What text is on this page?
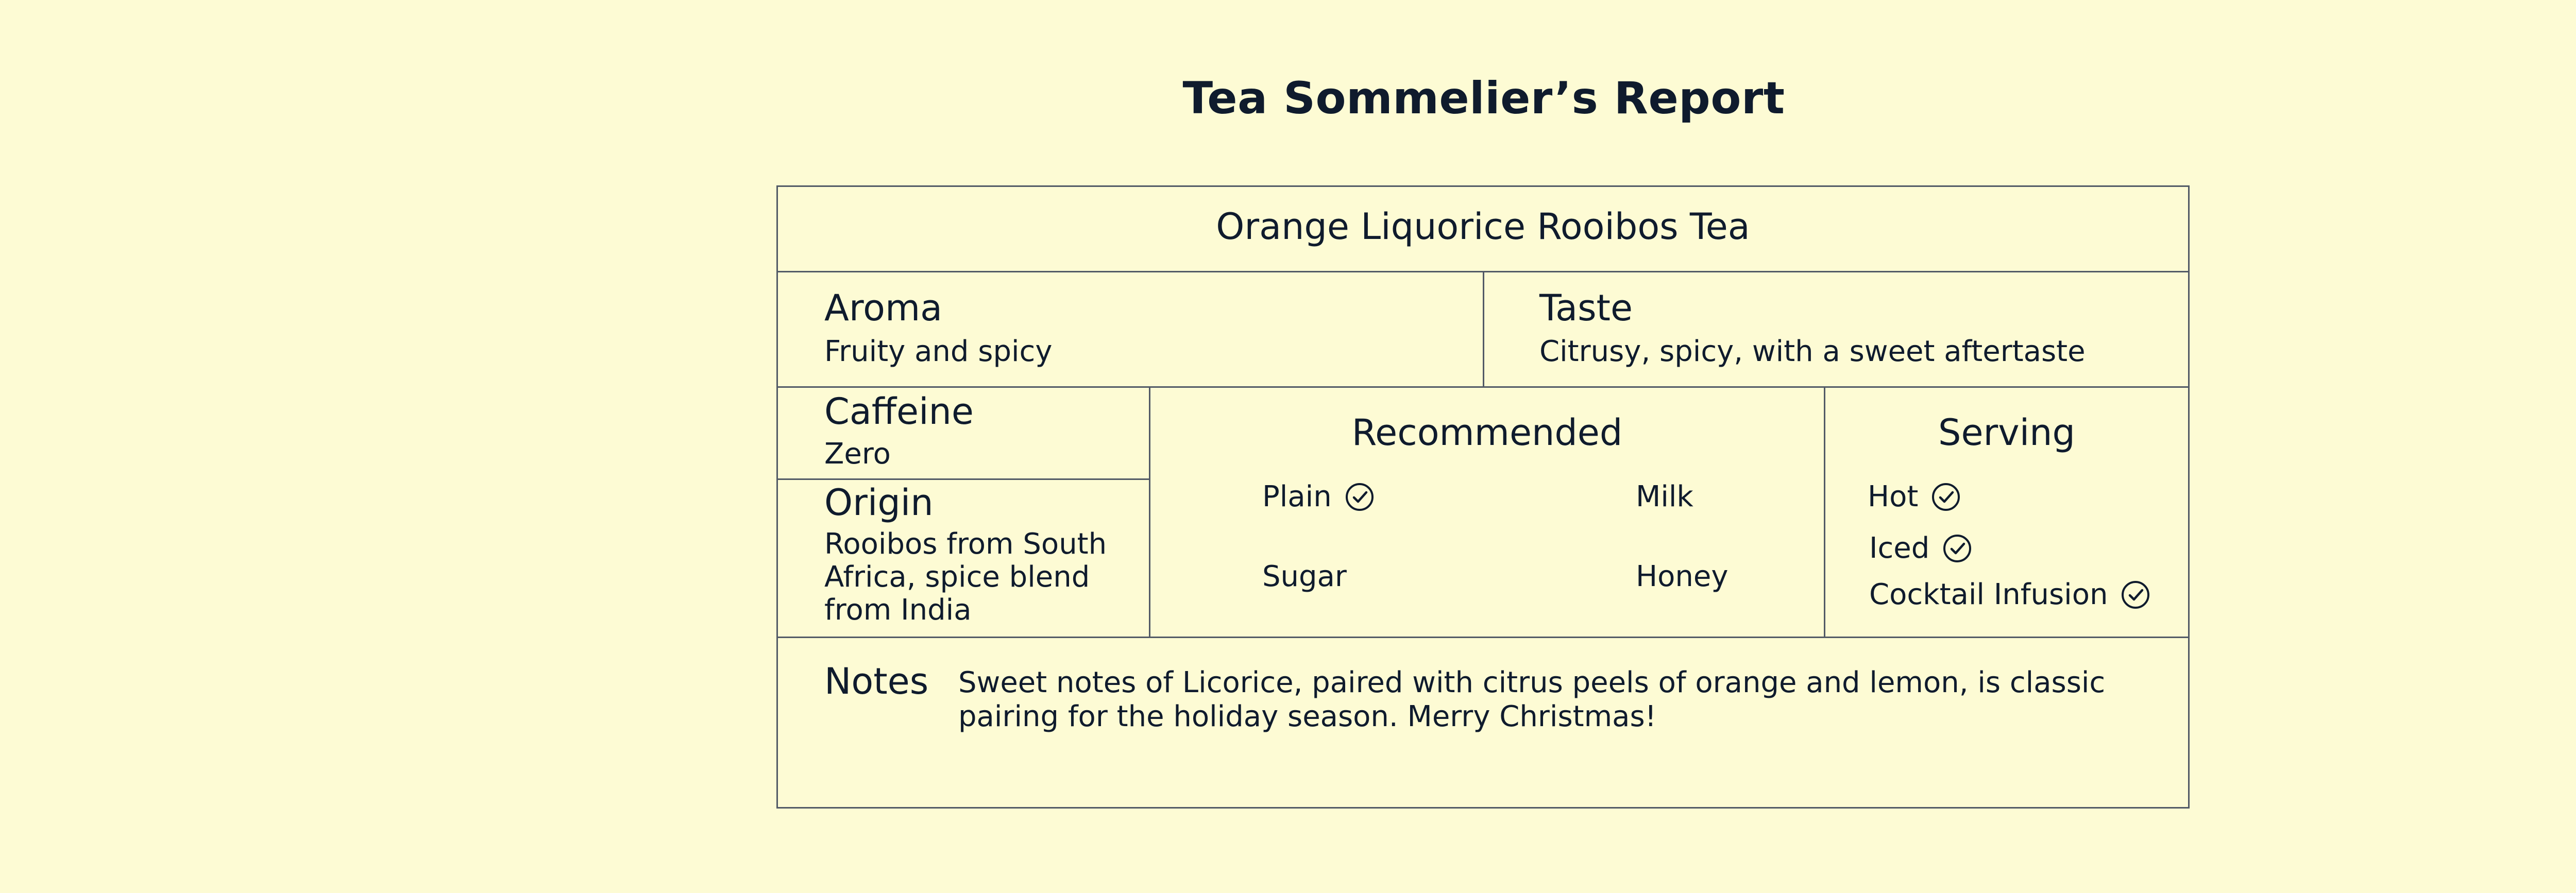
Tea Sommelier’s Report
Orange Liquorice Rooibos Tea
Aroma
Fruity and spicy
Taste
Citrusy, spicy, with a sweet aftertaste
Caffeine
Zero
Origin
Rooibos from South Africa, spice blend from India
Recommended
Plain	Milk
Sugar	Honey
Serving
Hot
Iced
Cocktail Infusion
Notes Sweet notes of Licorice, paired with citrus peels of orange and lemon, is classic pairing for the holiday season. Merry Christmas!
